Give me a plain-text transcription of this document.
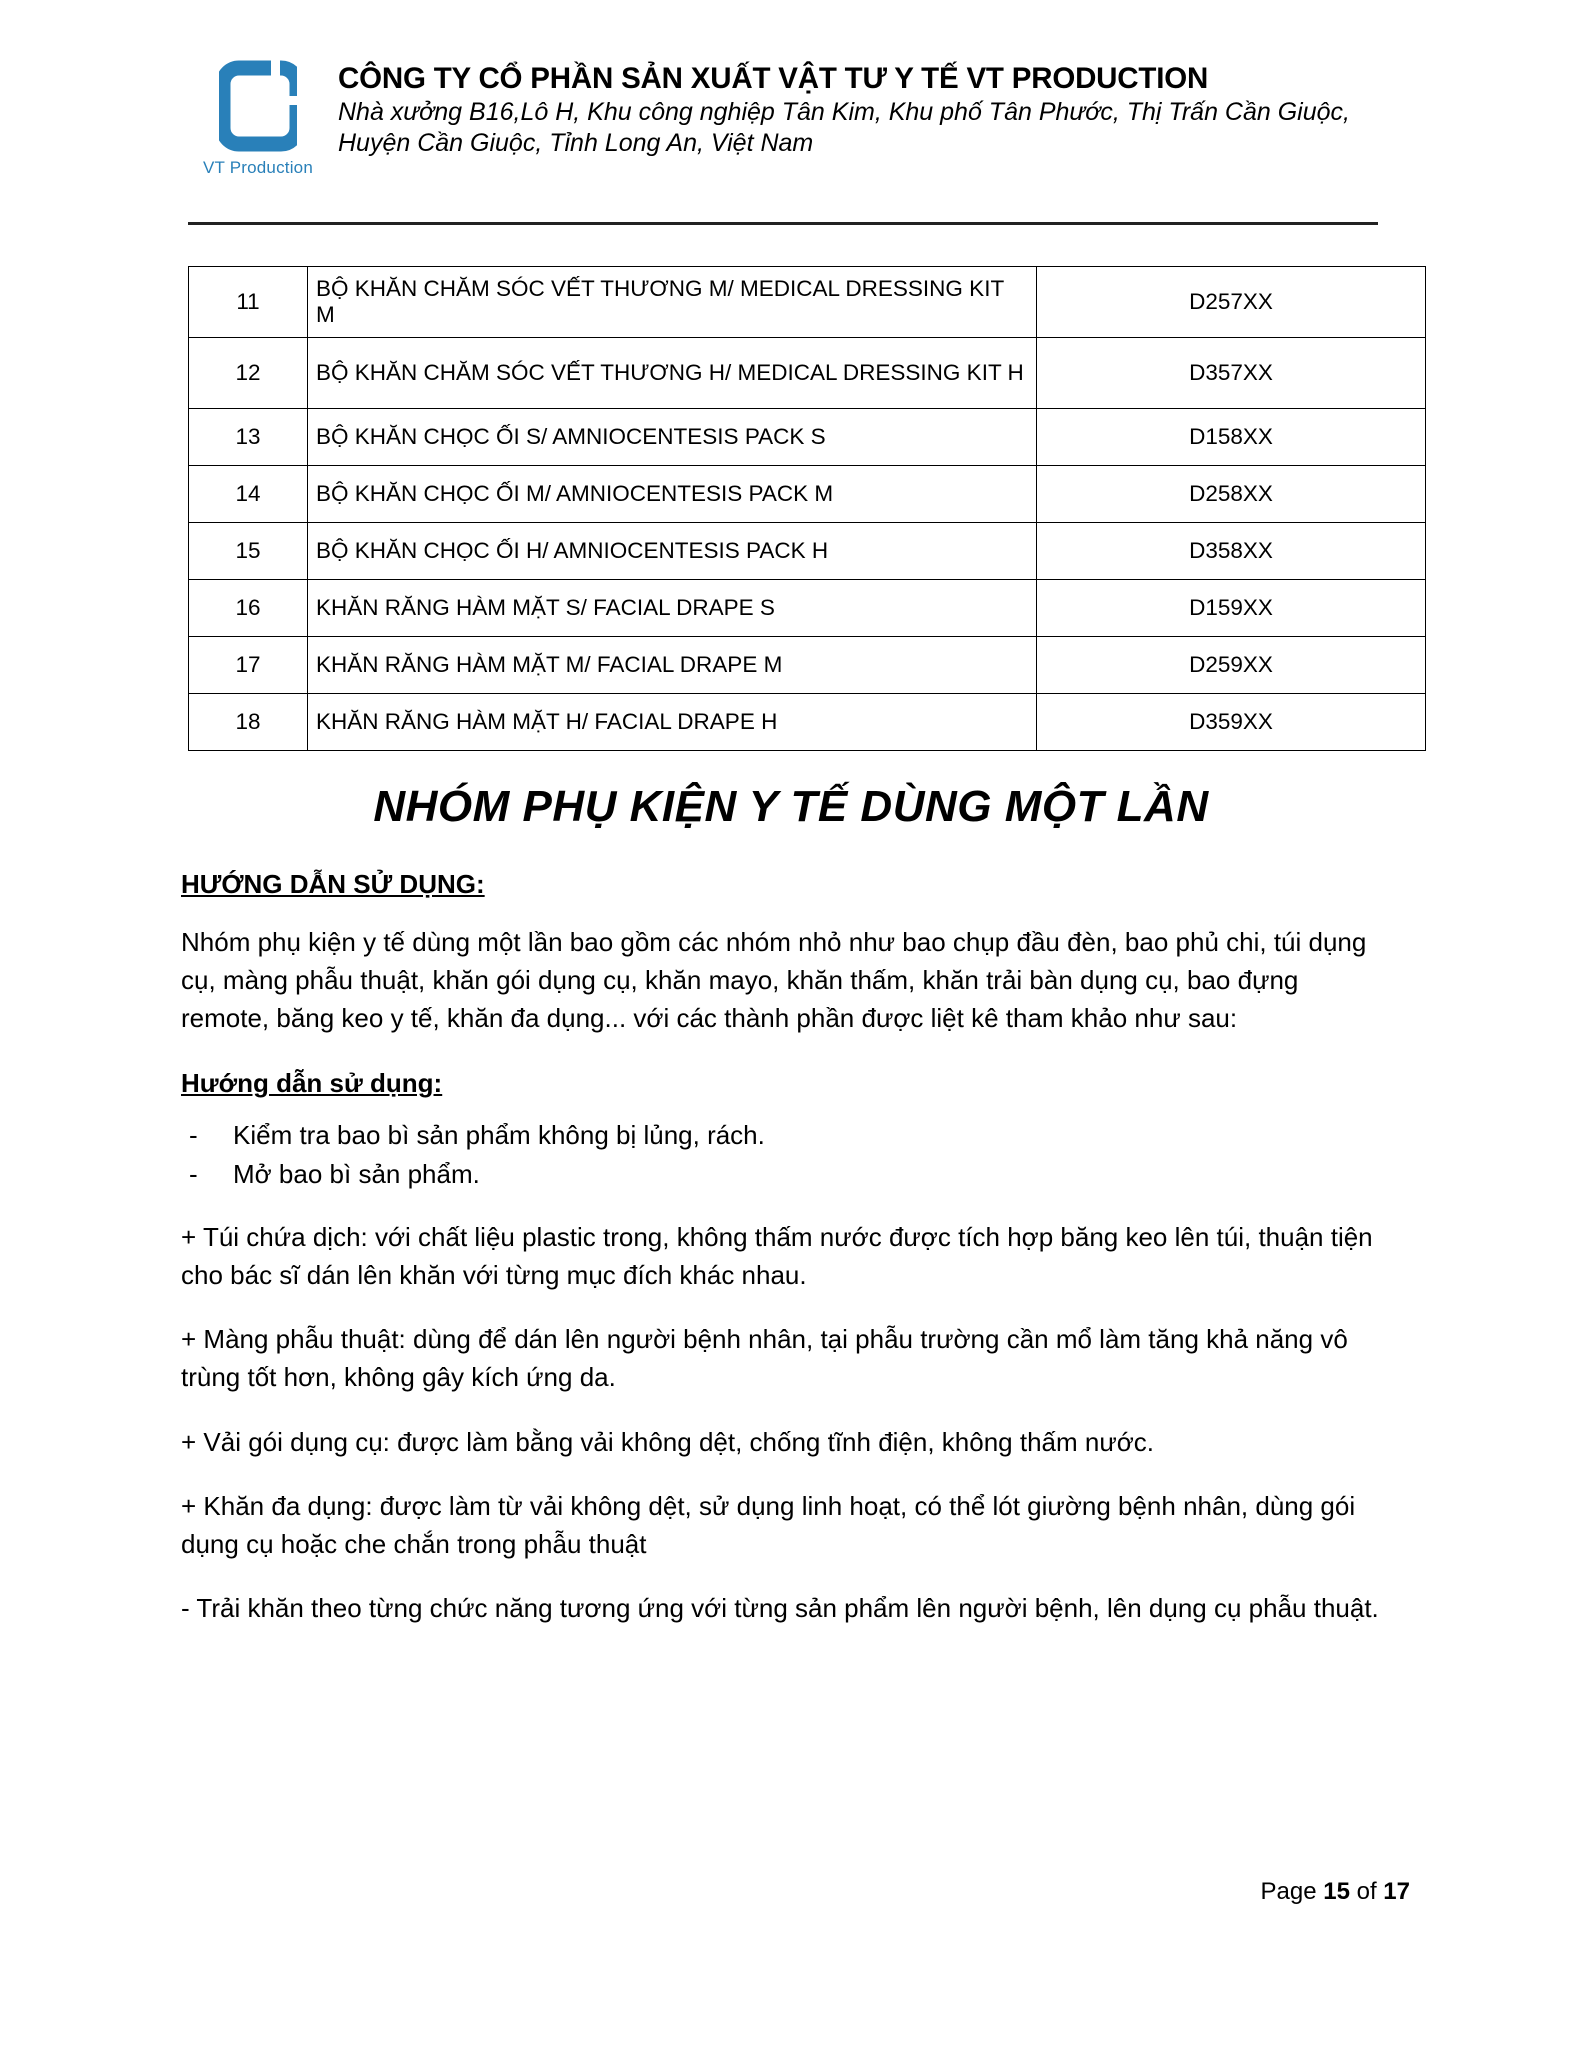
VT Production
CÔNG TY CỔ PHẦN SẢN XUẤT VẬT TƯ Y TẾ VT PRODUCTION
Nhà xưởng B16,Lô H, Khu công nghiệp Tân Kim, Khu phố Tân Phước, Thị Trấn Cần Giuộc, Huyện Cần Giuộc, Tỉnh Long An, Việt Nam
11	BỘ KHĂN CHĂM SÓC VẾT THƯƠNG M/ MEDICAL DRESSING KIT M	D257XX
12	BỘ KHĂN CHĂM SÓC VẾT THƯƠNG H/ MEDICAL DRESSING KIT H	D357XX
13	BỘ KHĂN CHỌC ỐI S/ AMNIOCENTESIS PACK S	D158XX
14	BỘ KHĂN CHỌC ỐI M/ AMNIOCENTESIS PACK M	D258XX
15	BỘ KHĂN CHỌC ỐI H/ AMNIOCENTESIS PACK H	D358XX
16	KHĂN RĂNG HÀM MẶT S/ FACIAL DRAPE S	D159XX
17	KHĂN RĂNG HÀM MẶT M/ FACIAL DRAPE M	D259XX
18	KHĂN RĂNG HÀM MẶT H/ FACIAL DRAPE H	D359XX
NHÓM PHỤ KIỆN Y TẾ DÙNG MỘT LẦN
HƯỚNG DẪN SỬ DỤNG:

Nhóm phụ kiện y tế dùng một lần bao gồm các nhóm nhỏ như bao chụp đầu đèn, bao phủ chi, túi dụng cụ, màng phẫu thuật, khăn gói dụng cụ, khăn mayo, khăn thấm, khăn trải bàn dụng cụ, bao đựng remote, băng keo y tế, khăn đa dụng... với các thành phần được liệt kê tham khảo như sau:

Hướng dẫn sử dụng:
-	Kiểm tra bao bì sản phẩm không bị lủng, rách.
-	Mở bao bì sản phẩm.

+ Túi chứa dịch: với chất liệu plastic trong, không thấm nước được tích hợp băng keo lên túi, thuận tiện cho bác sĩ dán lên khăn với từng mục đích khác nhau.

+ Màng phẫu thuật: dùng để dán lên người bệnh nhân, tại phẫu trường cần mổ làm tăng khả năng vô trùng tốt hơn, không gây kích ứng da.

+ Vải gói dụng cụ: được làm bằng vải không dệt, chống tĩnh điện, không thấm nước.

+ Khăn đa dụng: được làm từ vải không dệt, sử dụng linh hoạt, có thể lót giường bệnh nhân, dùng gói dụng cụ hoặc che chắn trong phẫu thuật

- Trải khăn theo từng chức năng tương ứng với từng sản phẩm lên người bệnh, lên dụng cụ phẫu thuật.

Page 15 of 17
